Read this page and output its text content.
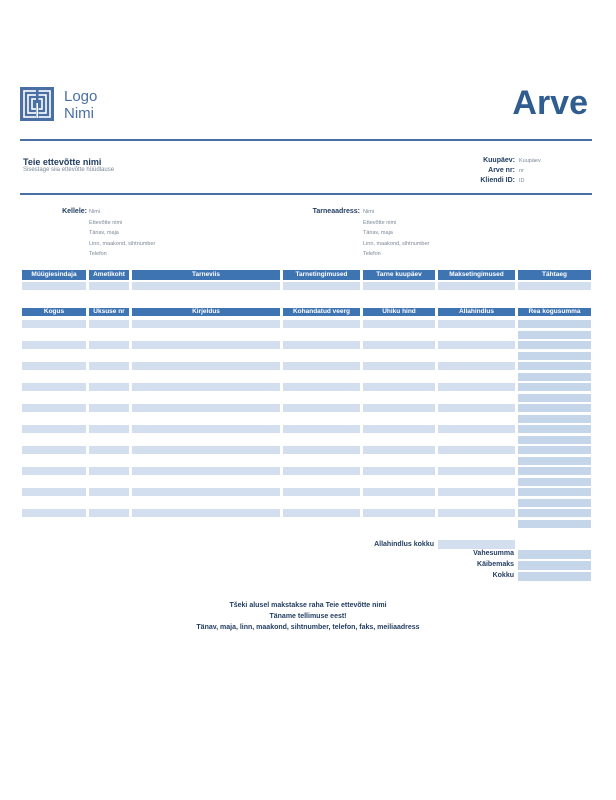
Logo
Nimi	Arve
Teie ettevõtte nimi
Sisestage siia ettevõtte hüüdlause
Kuupäev: Kuupäev
Arve nr: nr
Kliendi ID: ID
Kellele: Nimi
Ettevõtte nimi
Tänav, maja
Linn, maakond, sihtnumber
Telefon
Tarneaadress: Nimi
Ettevõtte nimi
Tänav, maja
Linn, maakond, sihtnumber
Telefon
Müügiesindaja	Ametikoht	Tarneviis	Tarnetingimused	Tarne kuupäev	Maksetingimused	Tähtaeg
Kogus	Üksuse nr	Kirjeldus	Kohandatud veerg	Ühiku hind	Allahindlus	Rea kogusumma
Allahindlus kokku
Vahesumma
Käibemaks
Kokku
Tšeki alusel makstakse raha Teie ettevõtte nimi
Täname tellimuse eest!
Tänav, maja, linn, maakond, sihtnumber, telefon, faks, meiliaadress
